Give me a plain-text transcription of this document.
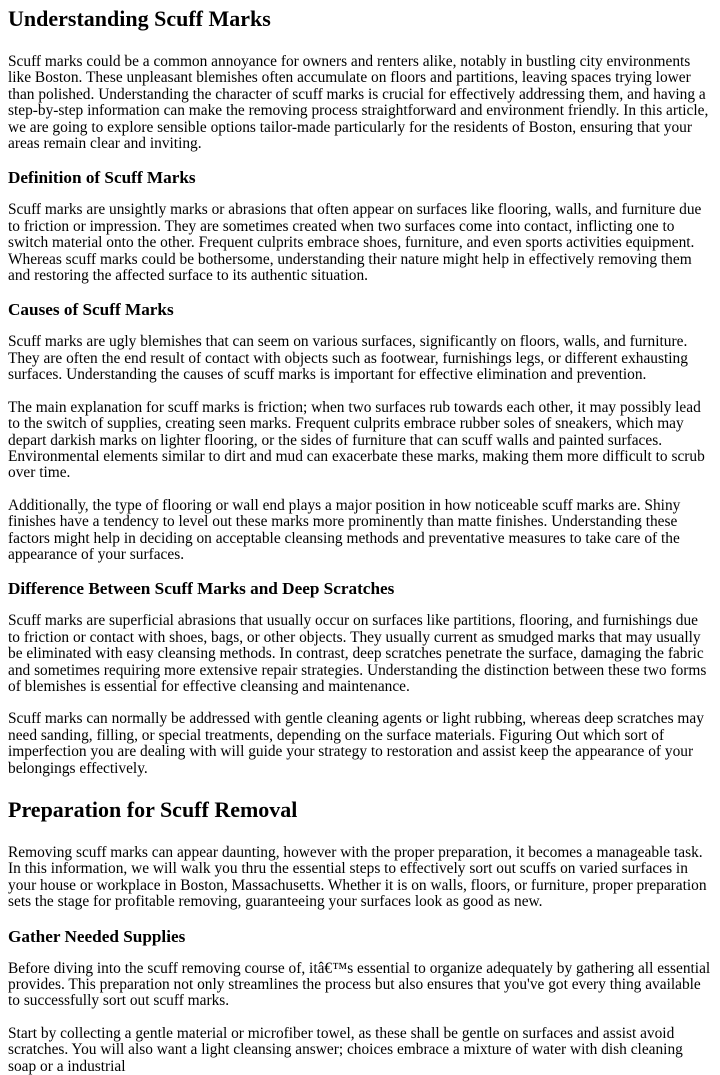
Understanding Scuff Marks

Scuff marks could be a common annoyance for owners and renters alike, notably in bustling city environments like Boston. These unpleasant blemishes often accumulate on floors and partitions, leaving spaces trying lower than polished. Understanding the character of scuff marks is crucial for effectively addressing them, and having a step-by-step information can make the removing process straightforward and environment friendly. In this article, we are going to explore sensible options tailor-made particularly for the residents of Boston, ensuring that your areas remain clear and inviting.

Definition of Scuff Marks

Scuff marks are unsightly marks or abrasions that often appear on surfaces like flooring, walls, and furniture due to friction or impression. They are sometimes created when two surfaces come into contact, inflicting one to switch material onto the other. Frequent culprits embrace shoes, furniture, and even sports activities equipment. Whereas scuff marks could be bothersome, understanding their nature might help in effectively removing them and restoring the affected surface to its authentic situation.

Causes of Scuff Marks

Scuff marks are ugly blemishes that can seem on various surfaces, significantly on floors, walls, and furniture. They are often the end result of contact with objects such as footwear, furnishings legs, or different exhausting surfaces. Understanding the causes of scuff marks is important for effective elimination and prevention.

The main explanation for scuff marks is friction; when two surfaces rub towards each other, it may possibly lead to the switch of supplies, creating seen marks. Frequent culprits embrace rubber soles of sneakers, which may depart darkish marks on lighter flooring, or the sides of furniture that can scuff walls and painted surfaces. Environmental elements similar to dirt and mud can exacerbate these marks, making them more difficult to scrub over time.

Additionally, the type of flooring or wall end plays a major position in how noticeable scuff marks are. Shiny finishes have a tendency to level out these marks more prominently than matte finishes. Understanding these factors might help in deciding on acceptable cleansing methods and preventative measures to take care of the appearance of your surfaces.

Difference Between Scuff Marks and Deep Scratches

Scuff marks are superficial abrasions that usually occur on surfaces like partitions, flooring, and furnishings due to friction or contact with shoes, bags, or other objects. They usually current as smudged marks that may usually be eliminated with easy cleansing methods. In contrast, deep scratches penetrate the surface, damaging the fabric and sometimes requiring more extensive repair strategies. Understanding the distinction between these two forms of blemishes is essential for effective cleansing and maintenance.

Scuff marks can normally be addressed with gentle cleaning agents or light rubbing, whereas deep scratches may need sanding, filling, or special treatments, depending on the surface materials. Figuring Out which sort of imperfection you are dealing with will guide your strategy to restoration and assist keep the appearance of your belongings effectively.

Preparation for Scuff Removal

Removing scuff marks can appear daunting, however with the proper preparation, it becomes a manageable task. In this information, we will walk you thru the essential steps to effectively sort out scuffs on varied surfaces in your house or workplace in Boston, Massachusetts. Whether it is on walls, floors, or furniture, proper preparation sets the stage for profitable removing, guaranteeing your surfaces look as good as new.

Gather Needed Supplies

Before diving into the scuff removing course of, itâ€™s essential to organize adequately by gathering all essential provides. This preparation not only streamlines the process but also ensures that you've got every thing available to successfully sort out scuff marks.

Start by collecting a gentle material or microfiber towel, as these shall be gentle on surfaces and assist avoid scratches. You will also want a light cleansing answer; choices embrace a mixture of water with dish cleaning soap or a industrial
